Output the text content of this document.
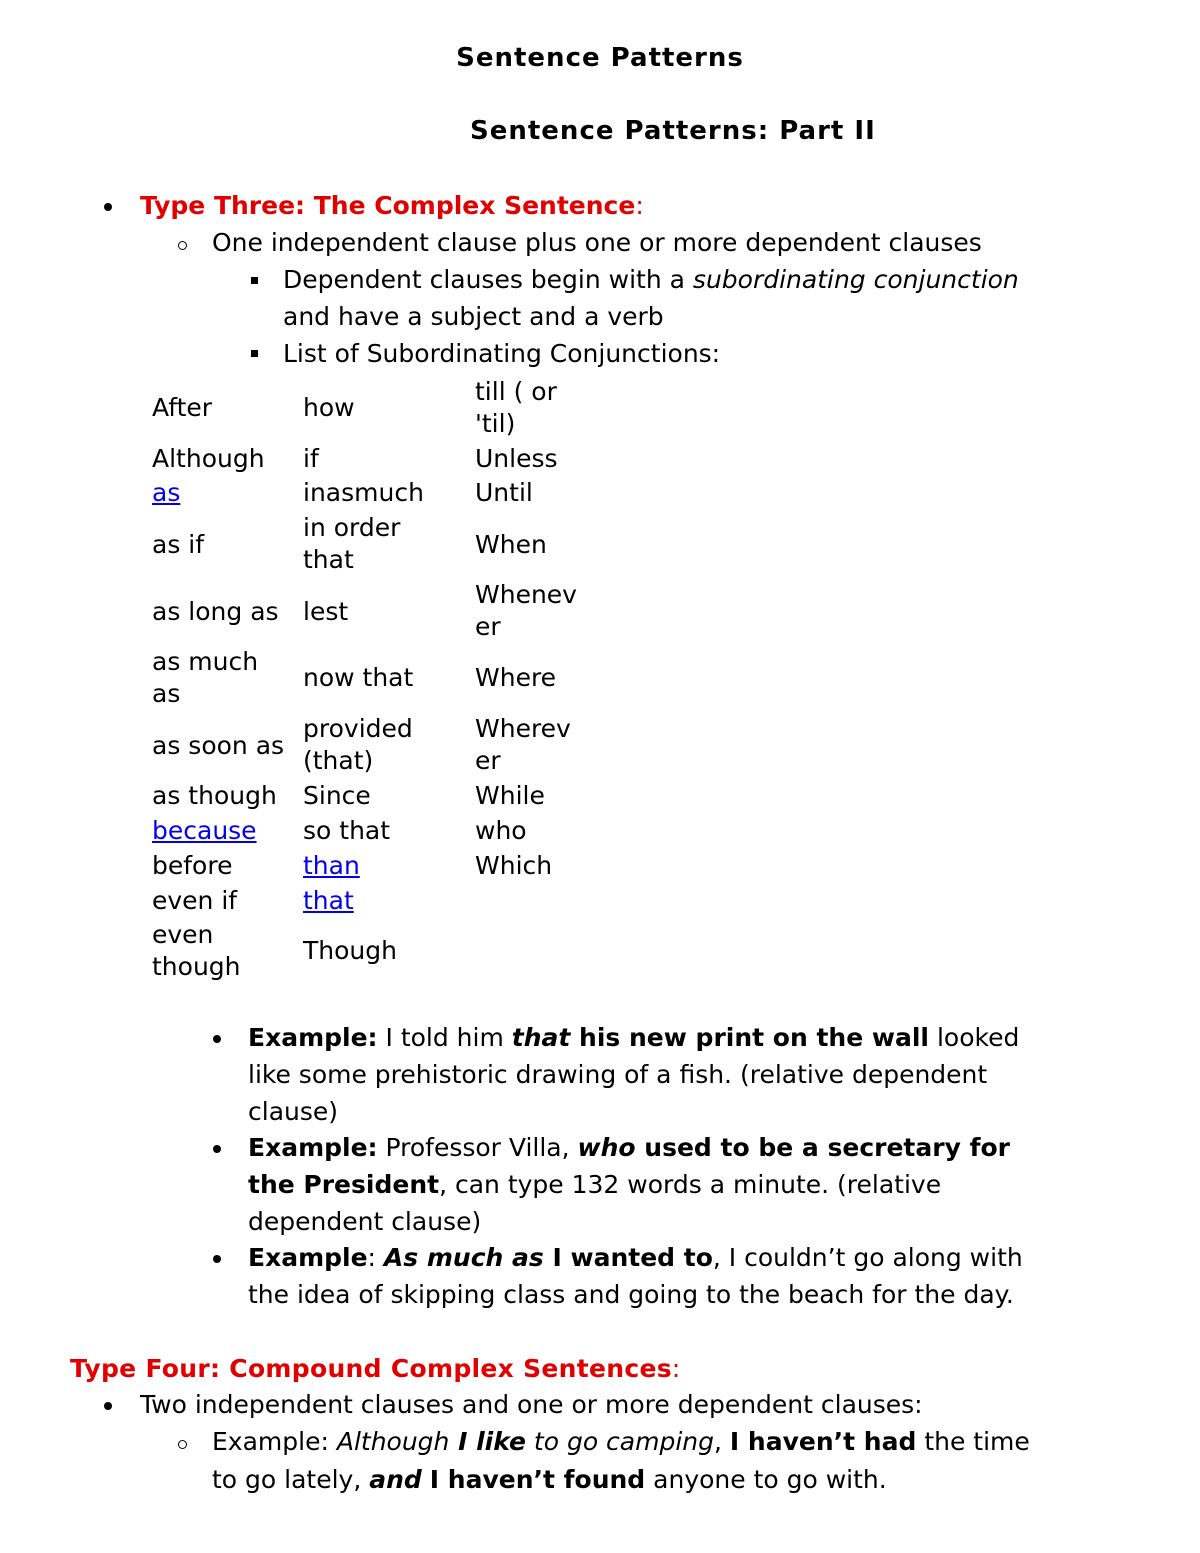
Sentence Patterns
Sentence Patterns: Part II
Type Three: The Complex Sentence:
One independent clause plus one or more dependent clauses
Dependent clauses begin with a subordinating conjunction
and have a subject and a verb
List of Subordinating Conjunctions:
After
Although
as
as if
as long as
as much
as
as soon as
as though
because
before
even if
even
though
how
if
inasmuch
in order
that
lest
now that
provided
(that)
Since
so that
than
that
Though
till ( or
'til)
Unless
Until
When
Whenev
er
Where
Wherev
er
While
who
Which
Example: I told him that his new print on the wall looked
like some prehistoric drawing of a fish. (relative dependent
clause)
Example: Professor Villa, who used to be a secretary for
the President, can type 132 words a minute. (relative
dependent clause)
Example: As much as I wanted to, I couldn’t go along with
the idea of skipping class and going to the beach for the day.
Type Four: Compound Complex Sentences:
Two independent clauses and one or more dependent clauses:
Example: Although I like to go camping, I haven’t had the time
to go lately, and I haven’t found anyone to go with.
